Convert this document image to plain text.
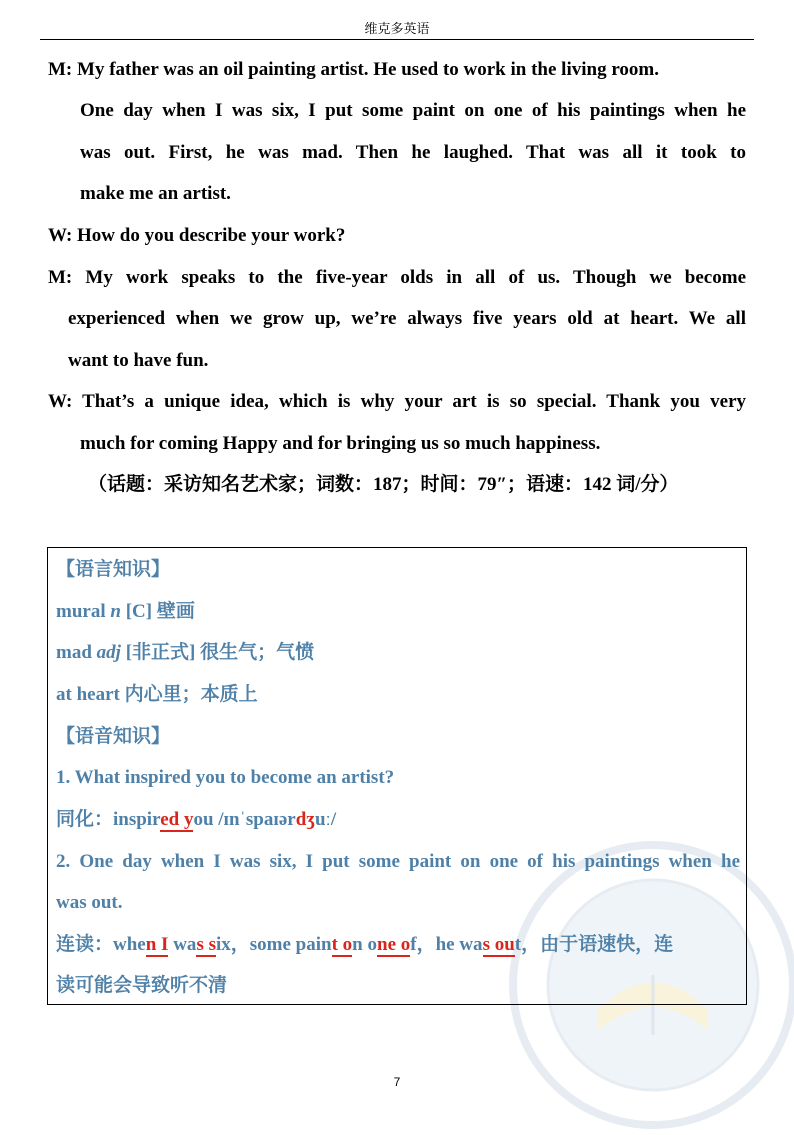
维克多英语
M: My father was an oil painting artist. He used to work in the living room.
One day when I was six, I put some paint on one of his paintings when he
was out. First, he was mad. Then he laughed. That was all it took to
make me an artist.
W: How do you describe your work?
M: My work speaks to the five-year olds in all of us. Though we become
experienced when we grow up, we’re always five years old at heart. We all
want to have fun.
W: That’s a unique idea, which is why your art is so special. Thank you very
much for coming Happy and for bringing us so much happiness.
（话题：采访知名艺术家；词数：187；时间：79″；语速：142 词/分）
【语言知识】
mural n [C] 壁画
mad adj [非正式] 很生气；气愤
at heart 内心里；本质上
【语音知识】
1. What inspired you to become an artist?
同化：inspired you /ɪnˈspaɪərdʒuː/
2. One day when I was six, I put some paint on one of his paintings when he
was out.
连读：when I was six，some paint on one of，he was out，由于语速快，连
读可能会导致听不清
7
